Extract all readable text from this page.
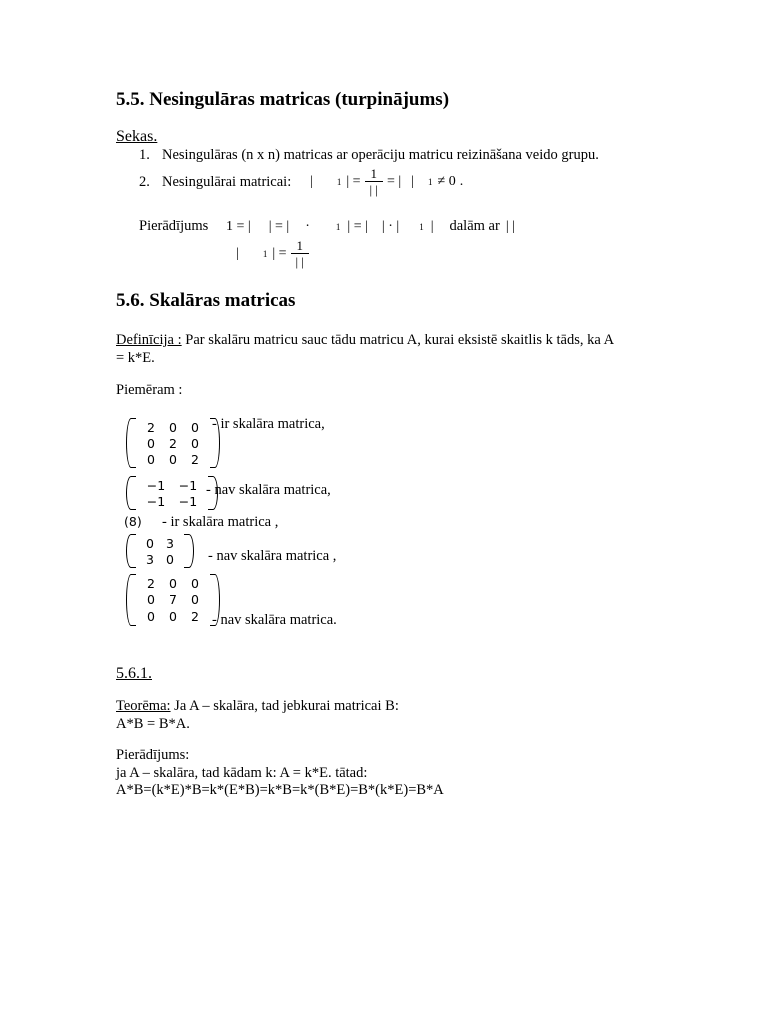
5.5. Nesingulāras matricas (turpinājums)
Sekas.
1. Nesingulāras (n x n) matricas ar operāciju matricu reizināšana veido grupu.
2. Nesingulārai matricai: |	1 | = $\frac{1}{| |}$ = | | 1 ≠ 0 .
Pierādījums 1 = | | = | ·	1 | = | | · | 1 | dalām ar | |
|	1 | = $\frac{1}{| |}$
5.6. Skalāras matricas
Definīcija : Par skalāru matricu sauc tādu matricu A, kurai eksistē skaitlis k tāds, ka A
= k*E.
Piemēram :
2 0 0
0 2 0
0 0 2
- ir skalāra matrica,
−1 −1
−1 −1
- nav skalāra matrica,
(8) - ir skalāra matrica ,
0 3
3 0 - nav skalāra matrica ,
2 0 0
0 7 0
0 0 2 - nav skalāra matrica.
5.6.1.
Teorēma: Ja A – skalāra, tad jebkurai matricai B:
A*B = B*A.
Pierādījums:
ja A – skalāra, tad kādam k: A = k*E. tātad:
A*B=(k*E)*B=k*(E*B)=k*B=k*(B*E)=B*(k*E)=B*A
